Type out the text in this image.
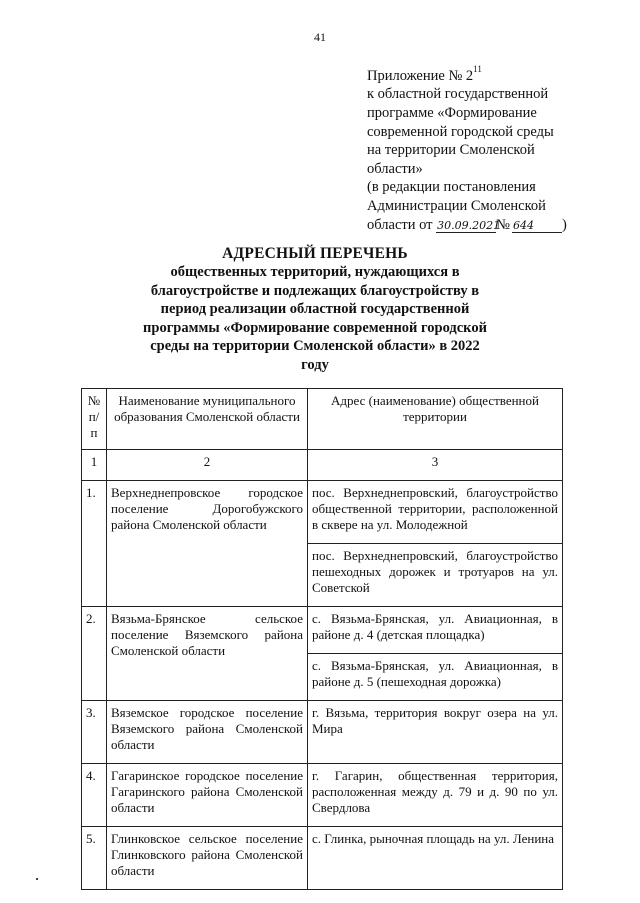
41
Приложение № $2^{11}$
к областной государственной
программе «Формирование
современной городской среды
на территории Смоленской
области»
(в редакции постановления
Администрации Смоленской
области от 30.09.2021№ 644 )
АДРЕСНЫЙ ПЕРЕЧЕНЬ
общественных территорий, нуждающихся в
благоустройстве и подлежащих благоустройству в
период реализации областной государственной
программы «Формирование современной городской
среды на территории Смоленской области» в 2022
году
№ п/п	Наименование муниципального образования Смоленской области	Адрес (наименование) общественной территории
1	2	3
1.	Верхнеднепровское городское поселение Дорогобужского района Смоленской области	пос. Верхнеднепровский, благоустройство общественной территории, расположенной в сквере на ул. Молодежной
		пос. Верхнеднепровский, благоустройство пешеходных дорожек и тротуаров на ул. Советской
2.	Вязьма-Брянское сельское поселение Вяземского района Смоленской области	с. Вязьма-Брянская, ул. Авиационная, в районе д. 4 (детская площадка)
		с. Вязьма-Брянская, ул. Авиационная, в районе д. 5 (пешеходная дорожка)
3.	Вяземское городское поселение Вяземского района Смоленской области	г. Вязьма, территория вокруг озера на ул. Мира
4.	Гагаринское городское поселение Гагаринского района Смоленской области	г. Гагарин, общественная территория, расположенная между д. 79 и д. 90 по ул. Свердлова
5.	Глинковское сельское поселение Глинковского района Смоленской области	с. Глинка, рыночная площадь на ул. Ленина
